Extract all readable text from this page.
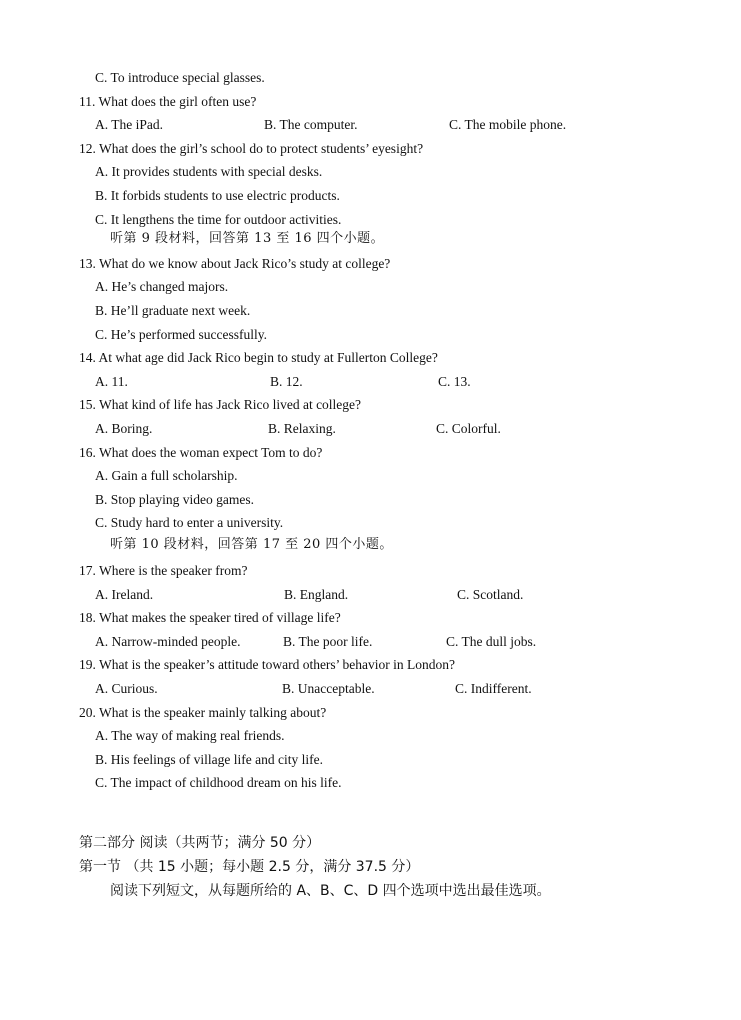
C. To introduce special glasses.
11. What does the girl often use?
A. The iPad.	B. The computer.	C. The mobile phone.
12. What does the girl’s school do to protect students’ eyesight?
A. It provides students with special desks.
B. It forbids students to use electric products.
C. It lengthens the time for outdoor activities.
听第 9 段材料，回答第 13 至 16 四个小题。
13. What do we know about Jack Rico’s study at college?
A. He’s changed majors.
B. He’ll graduate next week.
C. He’s performed successfully.
14. At what age did Jack Rico begin to study at Fullerton College?
A. 11.	B. 12.	C. 13.
15. What kind of life has Jack Rico lived at college?
A. Boring.	B. Relaxing.	C. Colorful.
16. What does the woman expect Tom to do?
A. Gain a full scholarship.
B. Stop playing video games.
C. Study hard to enter a university.
听第 10 段材料，回答第 17 至 20 四个小题。
17. Where is the speaker from?
A. Ireland.	B. England.	C. Scotland.
18. What makes the speaker tired of village life?
A. Narrow-minded people.	B. The poor life.	C. The dull jobs.
19. What is the speaker’s attitude toward others’ behavior in London?
A. Curious.	B. Unacceptable.	C. Indifferent.
20. What is the speaker mainly talking about?
A. The way of making real friends.
B. His feelings of village life and city life.
C. The impact of childhood dream on his life.
第二部分 阅读（共两节；满分 50 分）
第一节 （共 15 小题；每小题 2.5 分，满分 37.5 分）
阅读下列短文，从每题所给的 A、B、C、D 四个选项中选出最佳选项。
